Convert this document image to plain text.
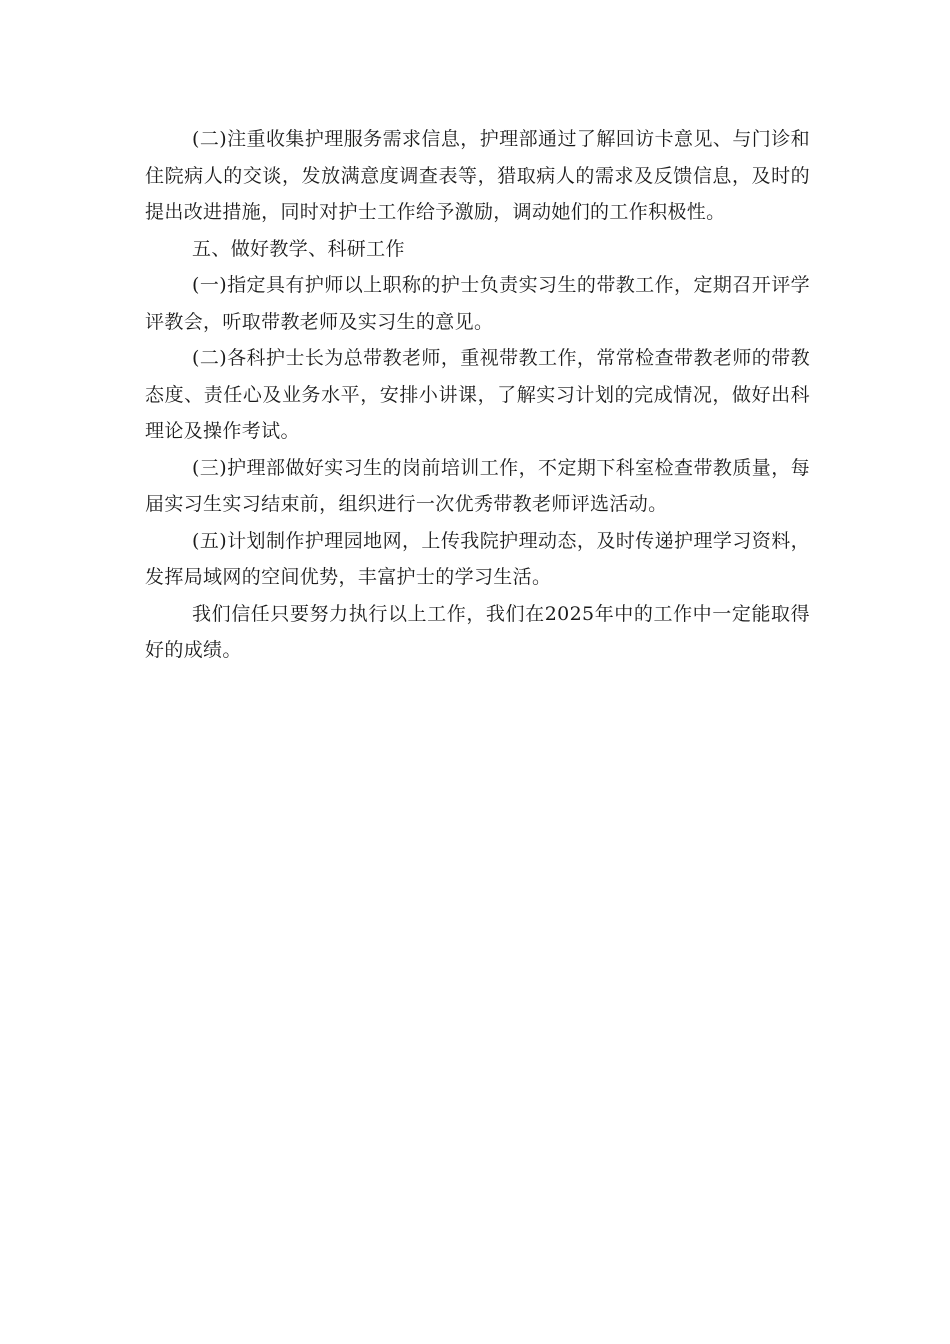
(二)注重收集护理服务需求信息，护理部通过了解回访卡意见、与门诊和住院病人的交谈，发放满意度调查表等，猎取病人的需求及反馈信息，及时的提出改进措施，同时对护士工作给予激励，调动她们的工作积极性。

五、做好教学、科研工作

(一)指定具有护师以上职称的护士负责实习生的带教工作，定期召开评学评教会，听取带教老师及实习生的意见。

(二)各科护士长为总带教老师，重视带教工作，常常检查带教老师的带教态度、责任心及业务水平，安排小讲课，了解实习计划的完成情况，做好出科理论及操作考试。

(三)护理部做好实习生的岗前培训工作，不定期下科室检查带教质量，每届实习生实习结束前，组织进行一次优秀带教老师评选活动。

(五)计划制作护理园地网，上传我院护理动态，及时传递护理学习资料，发挥局域网的空间优势，丰富护士的学习生活。

我们信任只要努力执行以上工作，我们在2025年中的工作中一定能取得好的成绩。
